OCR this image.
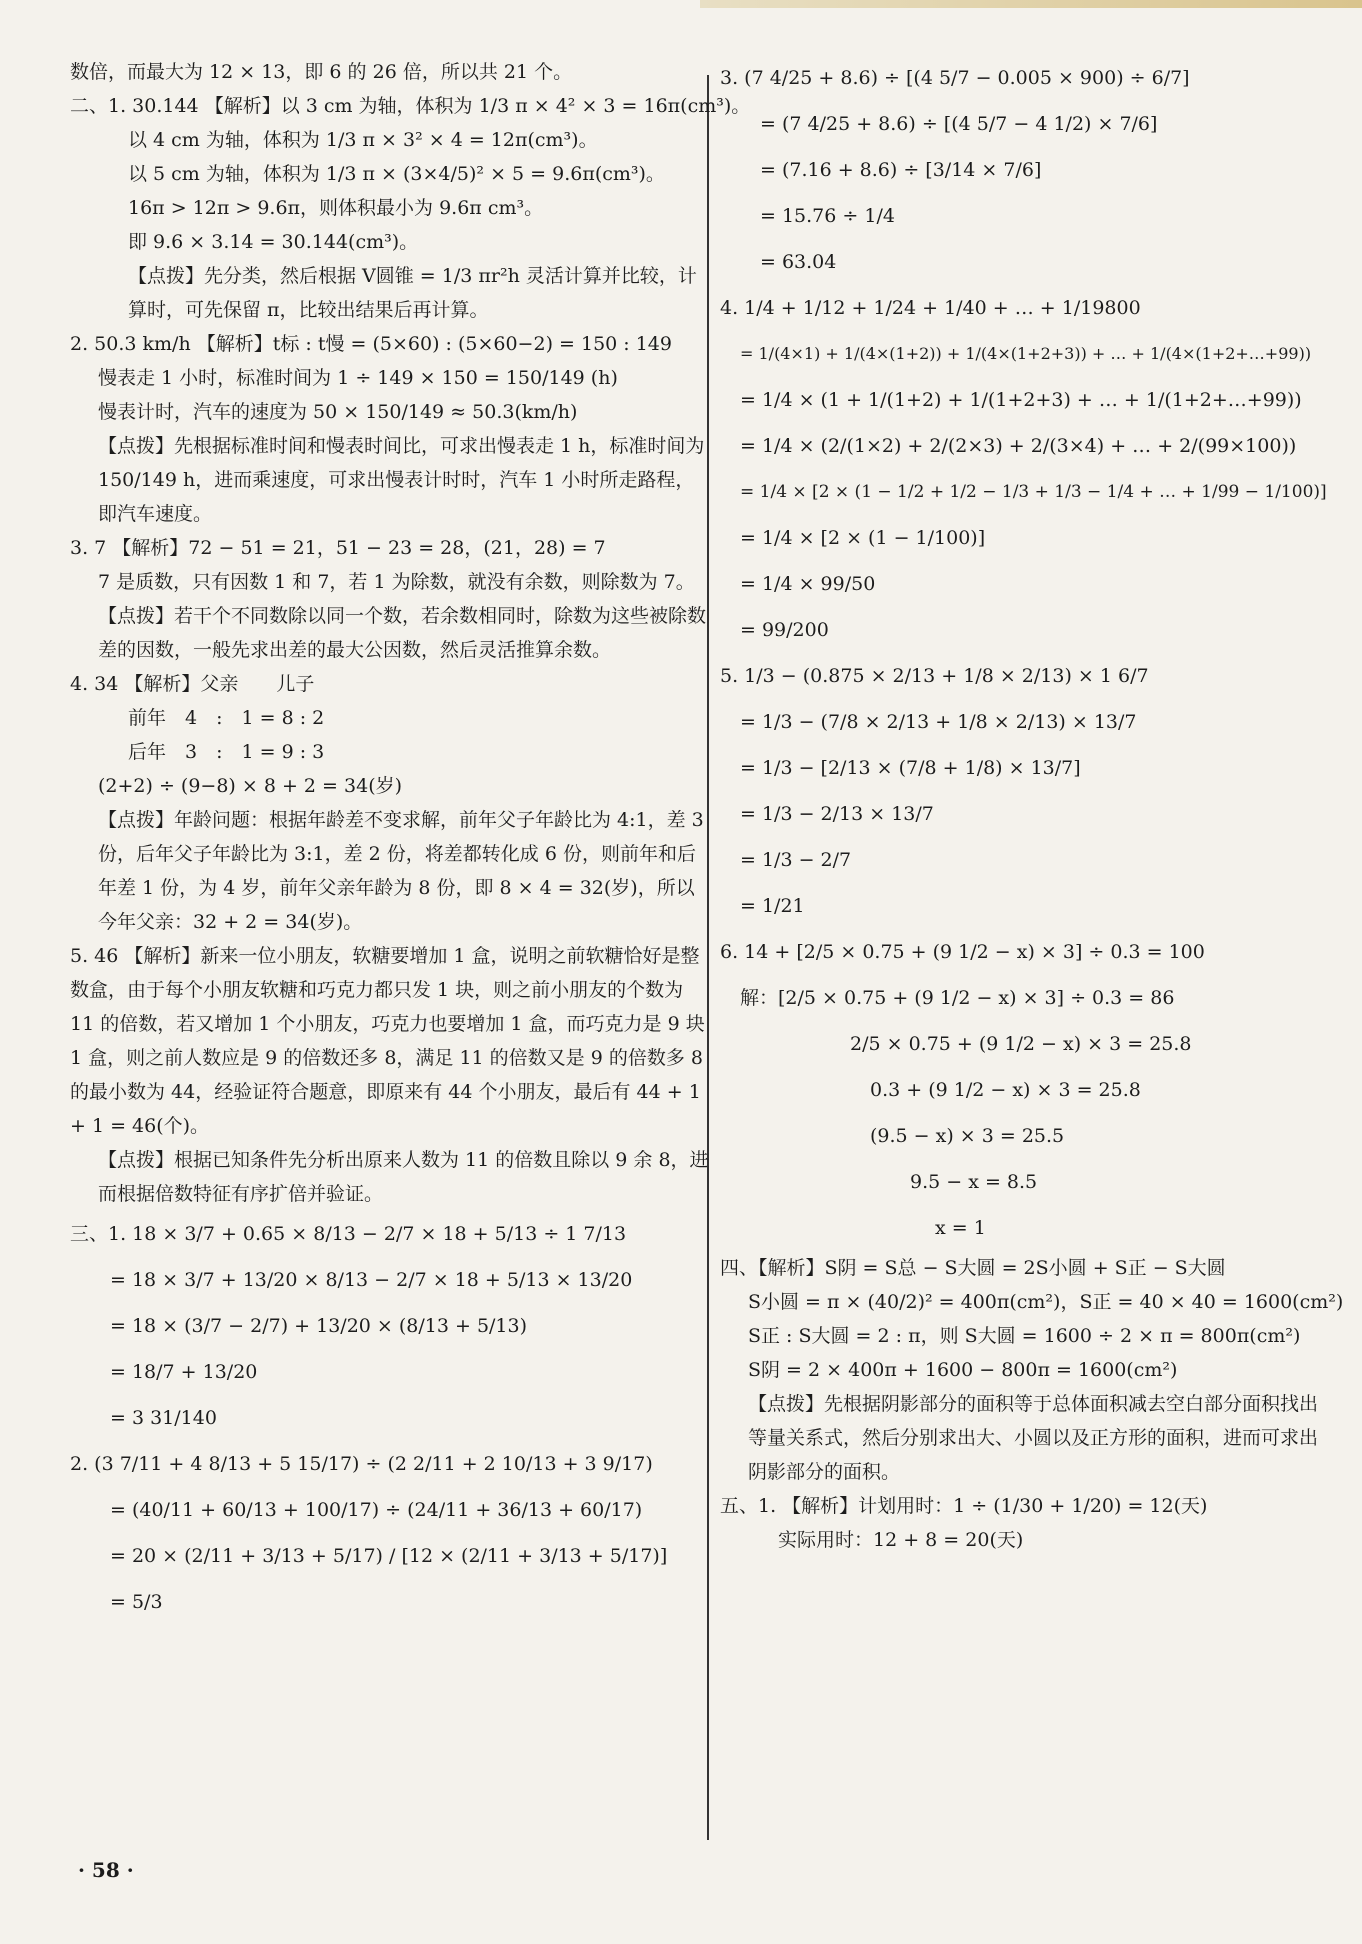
数倍，而最大为 12 × 13，即 6 的 26 倍，所以共 21 个。
二、1. 30.144 【解析】以 3 cm 为轴，体积为 1/3 π × 4² × 3 = 16π(cm³)。
以 4 cm 为轴，体积为 1/3 π × 3² × 4 = 12π(cm³)。
以 5 cm 为轴，体积为 1/3 π × (3×4/5)² × 5 = 9.6π(cm³)。
16π > 12π > 9.6π，则体积最小为 9.6π cm³。
即 9.6 × 3.14 = 30.144(cm³)。
【点拨】先分类，然后根据 V圆锥 = 1/3 πr²h 灵活计算并比较，计算时，可先保留 π，比较出结果后再计算。
2. 50.3 km/h 【解析】t标 : t慢 = (5×60) : (5×60−2) = 150 : 149
慢表走 1 小时，标准时间为 1 ÷ 149 × 150 = 150/149 (h)
慢表计时，汽车的速度为 50 × 150/149 ≈ 50.3(km/h)
【点拨】先根据标准时间和慢表时间比，可求出慢表走 1 h，标准时间为 150/149 h，进而乘速度，可求出慢表计时时，汽车 1 小时所走路程，即汽车速度。
3. 7 【解析】72 − 51 = 21，51 − 23 = 28，(21，28) = 7
7 是质数，只有因数 1 和 7，若 1 为除数，就没有余数，则除数为 7。
【点拨】若干个不同数除以同一个数，若余数相同时，除数为这些被除数差的因数，一般先求出差的最大公因数，然后灵活推算余数。
4. 34 【解析】父亲　　儿子
前年　4　:　1 = 8 : 2
后年　3　:　1 = 9 : 3
(2+2) ÷ (9−8) × 8 + 2 = 34(岁)
【点拨】年龄问题：根据年龄差不变求解，前年父子年龄比为 4:1，差 3 份，后年父子年龄比为 3:1，差 2 份，将差都转化成 6 份，则前年和后年差 1 份，为 4 岁，前年父亲年龄为 8 份，即 8 × 4 = 32(岁)，所以今年父亲：32 + 2 = 34(岁)。
5. 46 【解析】新来一位小朋友，软糖要增加 1 盒，说明之前软糖恰好是整数盒，由于每个小朋友软糖和巧克力都只发 1 块，则之前小朋友的个数为 11 的倍数，若又增加 1 个小朋友，巧克力也要增加 1 盒，而巧克力是 9 块 1 盒，则之前人数应是 9 的倍数还多 8，满足 11 的倍数又是 9 的倍数多 8 的最小数为 44，经验证符合题意，即原来有 44 个小朋友，最后有 44 + 1 + 1 = 46(个)。
【点拨】根据已知条件先分析出原来人数为 11 的倍数且除以 9 余 8，进而根据倍数特征有序扩倍并验证。
三、1. 18 × 3/7 + 0.65 × 8/13 − 2/7 × 18 + 5/13 ÷ 1 7/13
= 18 × 3/7 + 13/20 × 8/13 − 2/7 × 18 + 5/13 × 13/20
= 18 × (3/7 − 2/7) + 13/20 × (8/13 + 5/13)
= 18/7 + 13/20
= 3 31/140
2. (3 7/11 + 4 8/13 + 5 15/17) ÷ (2 2/11 + 2 10/13 + 3 9/17)
= (40/11 + 60/13 + 100/17) ÷ (24/11 + 36/13 + 60/17)
= 20 × (2/11 + 3/13 + 5/17) / [12 × (2/11 + 3/13 + 5/17)]
= 5/3
3. (7 4/25 + 8.6) ÷ [(4 5/7 − 0.005 × 900) ÷ 6/7]
= (7 4/25 + 8.6) ÷ [(4 5/7 − 4 1/2) × 7/6]
= (7.16 + 8.6) ÷ [3/14 × 7/6]
= 15.76 ÷ 1/4
= 63.04
4. 1/4 + 1/12 + 1/24 + 1/40 + … + 1/19800
= 1/(4×1) + 1/(4×(1+2)) + 1/(4×(1+2+3)) + … + 1/(4×(1+2+…+99))
= 1/4 × (1 + 1/(1+2) + 1/(1+2+3) + … + 1/(1+2+…+99))
= 1/4 × (2/(1×2) + 2/(2×3) + 2/(3×4) + … + 2/(99×100))
= 1/4 × [2 × (1 − 1/2 + 1/2 − 1/3 + 1/3 − 1/4 + … + 1/99 − 1/100)]
= 1/4 × [2 × (1 − 1/100)]
= 1/4 × 99/50
= 99/200
5. 1/3 − (0.875 × 2/13 + 1/8 × 2/13) × 1 6/7
= 1/3 − (7/8 × 2/13 + 1/8 × 2/13) × 13/7
= 1/3 − [2/13 × (7/8 + 1/8) × 13/7]
= 1/3 − 2/13 × 13/7
= 1/3 − 2/7
= 1/21
6. 14 + [2/5 × 0.75 + (9 1/2 − x) × 3] ÷ 0.3 = 100
解：[2/5 × 0.75 + (9 1/2 − x) × 3] ÷ 0.3 = 86
2/5 × 0.75 + (9 1/2 − x) × 3 = 25.8
0.3 + (9 1/2 − x) × 3 = 25.8
(9.5 − x) × 3 = 25.5
9.5 − x = 8.5
x = 1
四、【解析】S阴 = S总 − S大圆 = 2S小圆 + S正 − S大圆
S小圆 = π × (40/2)² = 400π(cm²)，S正 = 40 × 40 = 1600(cm²)
S正 : S大圆 = 2 : π，则 S大圆 = 1600 ÷ 2 × π = 800π(cm²)
S阴 = 2 × 400π + 1600 − 800π = 1600(cm²)
【点拨】先根据阴影部分的面积等于总体面积减去空白部分面积找出等量关系式，然后分别求出大、小圆以及正方形的面积，进而可求出阴影部分的面积。
五、1. 【解析】计划用时：1 ÷ (1/30 + 1/20) = 12(天)
实际用时：12 + 8 = 20(天)
· 58 ·
